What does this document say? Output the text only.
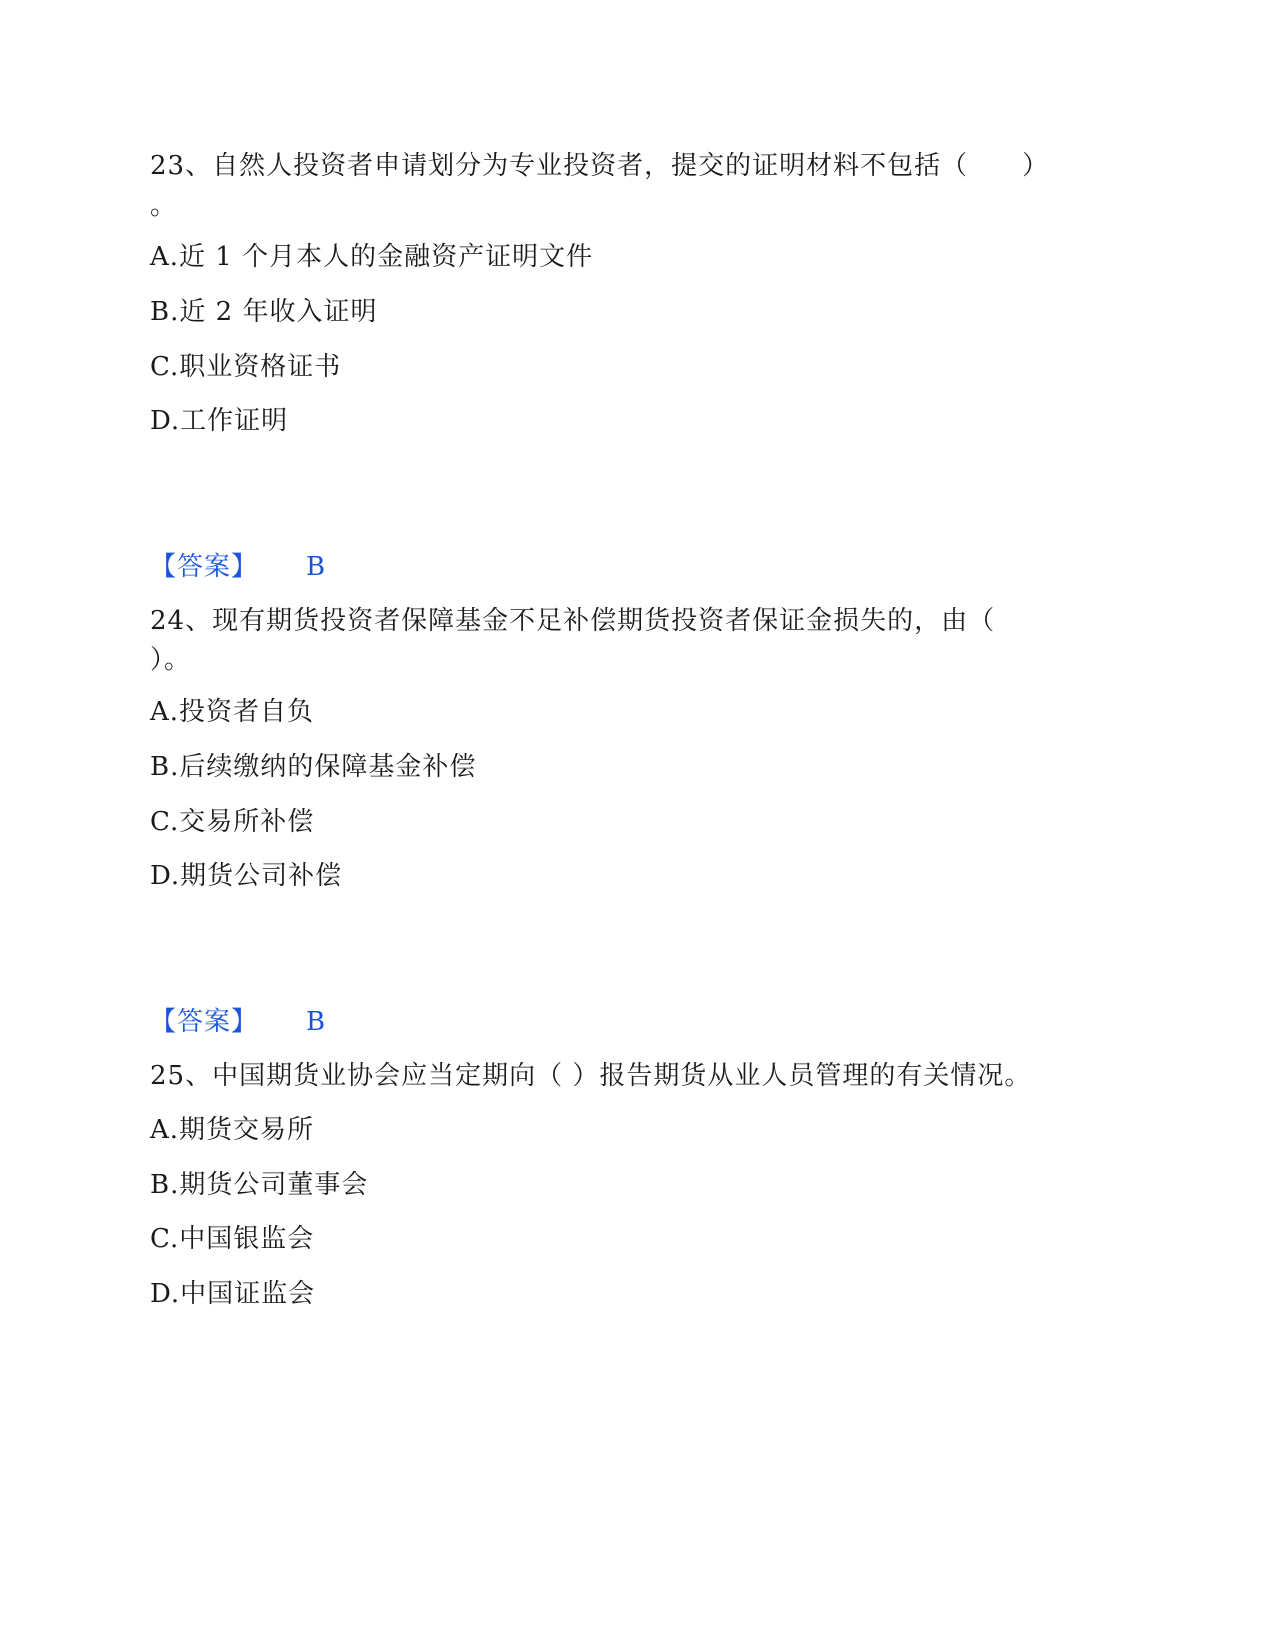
23、自然人投资者申请划分为专业投资者，提交的证明材料不包括（　　）
。
A.近 1 个月本人的金融资产证明文件
B.近 2 年收入证明
C.职业资格证书
D.工作证明
【答案】 B
24、现有期货投资者保障基金不足补偿期货投资者保证金损失的，由（
）。
A.投资者自负
B.后续缴纳的保障基金补偿
C.交易所补偿
D.期货公司补偿
【答案】 B
25、中国期货业协会应当定期向（ ）报告期货从业人员管理的有关情况。
A.期货交易所
B.期货公司董事会
C.中国银监会
D.中国证监会
